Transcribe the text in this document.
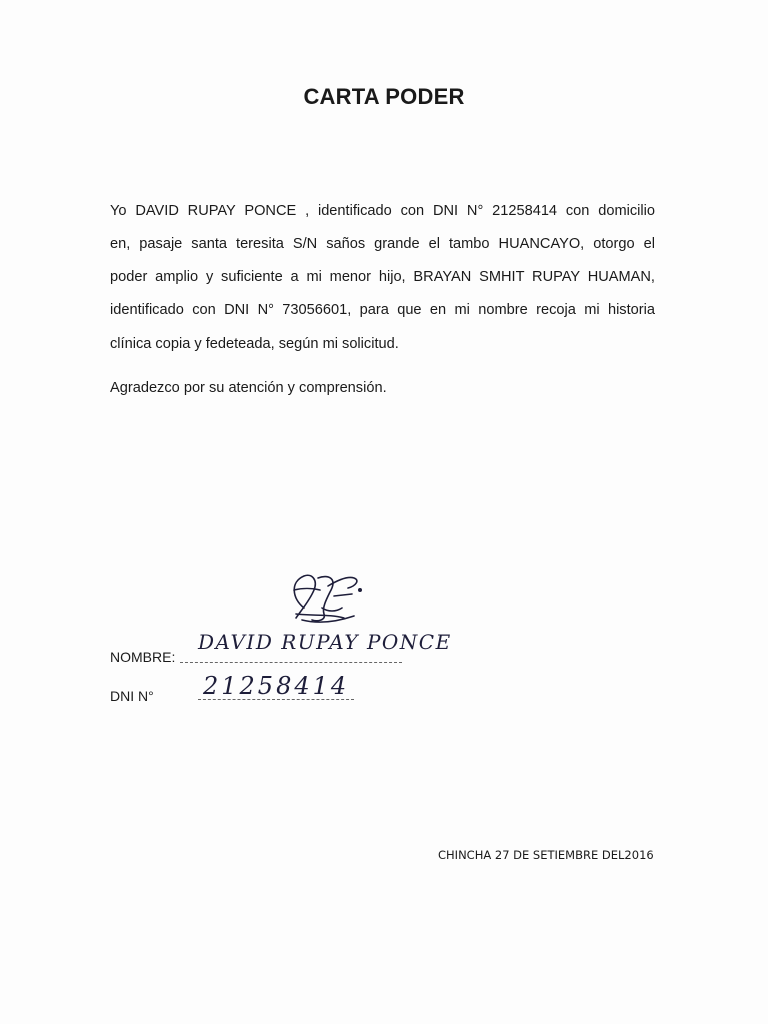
CARTA PODER
Yo DAVID RUPAY PONCE , identificado con DNI N° 21258414 con domicilio
en, pasaje santa teresita S/N saños grande el tambo HUANCAYO, otorgo el
poder amplio y suficiente a mi menor hijo, BRAYAN SMHIT RUPAY HUAMAN,
identificado con DNI N° 73056601, para que en mi nombre recoja mi historia
clínica copia y fedeteada, según mi solicitud.
Agradezco por su atención y comprensión.
NOMBRE:
DAVID RUPAY PONCE
DNI N° 21258414
CHINCHA 27 DE SETIEMBRE DEL2016
